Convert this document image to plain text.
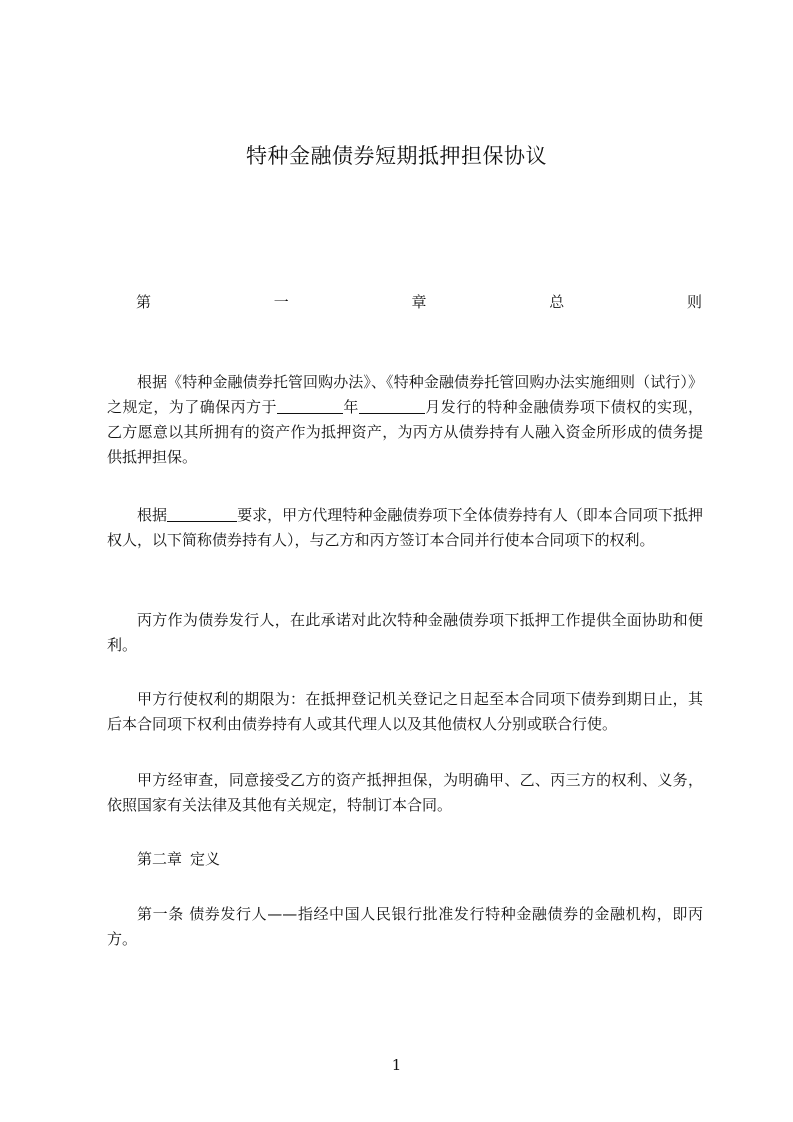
特种金融债券短期抵押担保协议
第	一	章	总	则

根据《特种金融债券托管回购办法》、《特种金融债券托管回购办法实施细则（试行）》之规定，为了确保丙方于	年	月发行的特种金融债券项下债权的实现，乙方愿意以其所拥有的资产作为抵押资产，为丙方从债券持有人融入资金所形成的债务提供抵押担保。

根据	要求，甲方代理特种金融债券项下全体债券持有人（即本合同项下抵押权人，以下简称债券持有人），与乙方和丙方签订本合同并行使本合同项下的权利。

丙方作为债券发行人，在此承诺对此次特种金融债券项下抵押工作提供全面协助和便利。

甲方行使权利的期限为：在抵押登记机关登记之日起至本合同项下债券到期日止，其后本合同项下权利由债券持有人或其代理人以及其他债权人分别或联合行使。

甲方经审查，同意接受乙方的资产抵押担保，为明确甲、乙、丙三方的权利、义务，依照国家有关法律及其他有关规定，特制订本合同。

第二章 定义

第一条 债券发行人——指经中国人民银行批准发行特种金融债券的金融机构，即丙方。

1
